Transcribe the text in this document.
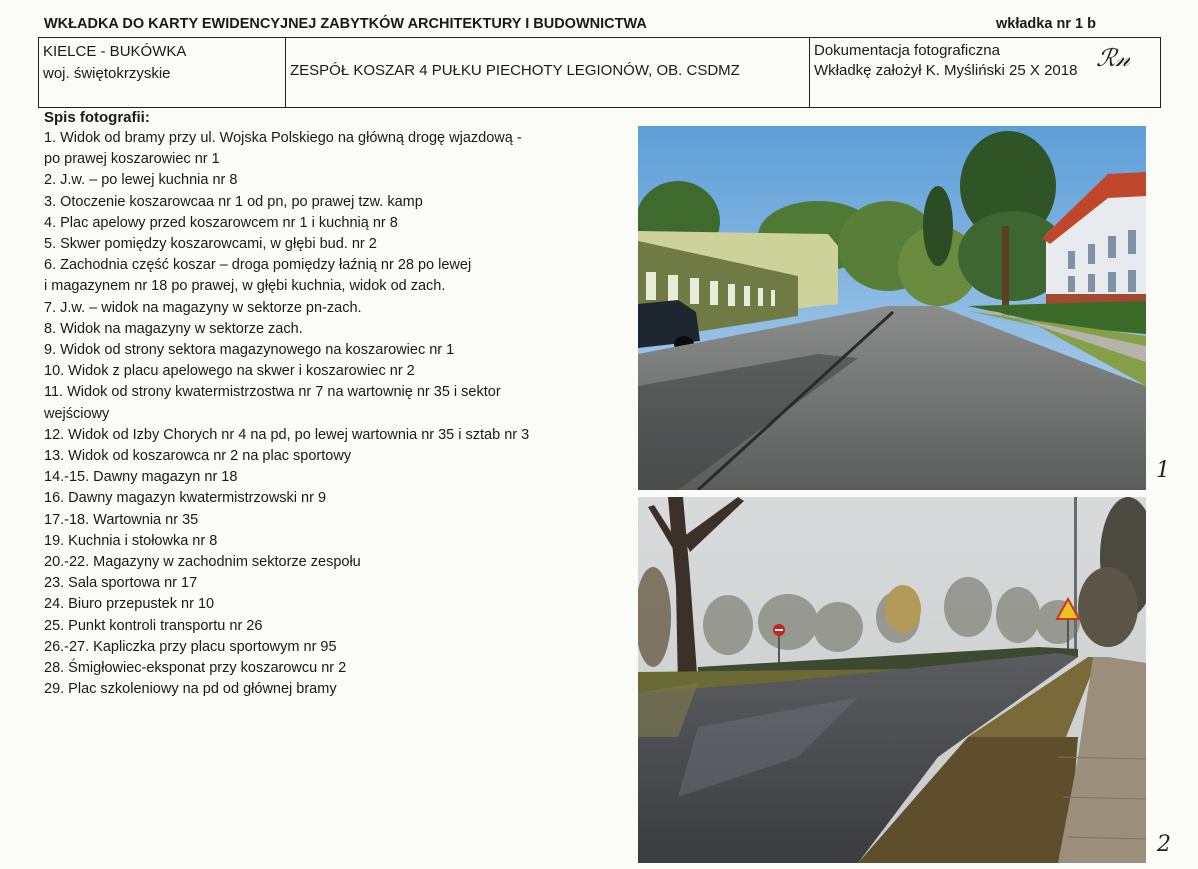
WKŁADKA DO KARTY EWIDENCYJNEJ ZABYTKÓW ARCHITEKTURY I BUDOWNICTWA	wkładka nr 1 b
KIELCE - BUKÓWKA
woj. świętokrzyskie	ZESPÓŁ KOSZAR 4 PUŁKU PIECHOTY LEGIONÓW, OB. CSDMZ
Dokumentacja fotograficzna
Wkładkę założył K. Myśliński 25 X 2018 ℛ𝓃
Spis fotografii:
1. Widok od bramy przy ul. Wojska Polskiego na główną drogę wjazdową -
po prawej koszarowiec nr 1
2. J.w. – po lewej kuchnia nr 8
3. Otoczenie koszarowcaa nr 1 od pn, po prawej tzw. kamp
4. Plac apelowy przed koszarowcem nr 1 i kuchnią nr 8
5. Skwer pomiędzy koszarowcami, w głębi bud. nr 2
6. Zachodnia część koszar – droga pomiędzy łaźnią nr 28 po lewej
i magazynem nr 18 po prawej, w głębi kuchnia, widok od zach.
7. J.w. – widok na magazyny w sektorze pn-zach.
8. Widok na magazyny w sektorze zach.
9. Widok od strony sektora magazynowego na koszarowiec nr 1
10. Widok z placu apelowego na skwer i koszarowiec nr 2
11. Widok od strony kwatermistrzostwa nr 7 na wartownię nr 35 i sektor
wejściowy
12. Widok od Izby Chorych nr 4 na pd, po lewej wartownia nr 35 i sztab nr 3
13. Widok od koszarowca nr 2 na plac sportowy
14.-15. Dawny magazyn nr 18
16. Dawny magazyn kwatermistrzowski nr 9
17.-18. Wartownia nr 35
19. Kuchnia i stołowka nr 8
20.-22. Magazyny w zachodnim sektorze zespołu
23. Sala sportowa nr 17
24. Biuro przepustek nr 10
25. Punkt kontroli transportu nr 26
26.-27. Kapliczka przy placu sportowym nr 95
28. Śmigłowiec-eksponat przy koszarowcu nr 2
29. Plac szkoleniowy na pd od głównej bramy
1
2
